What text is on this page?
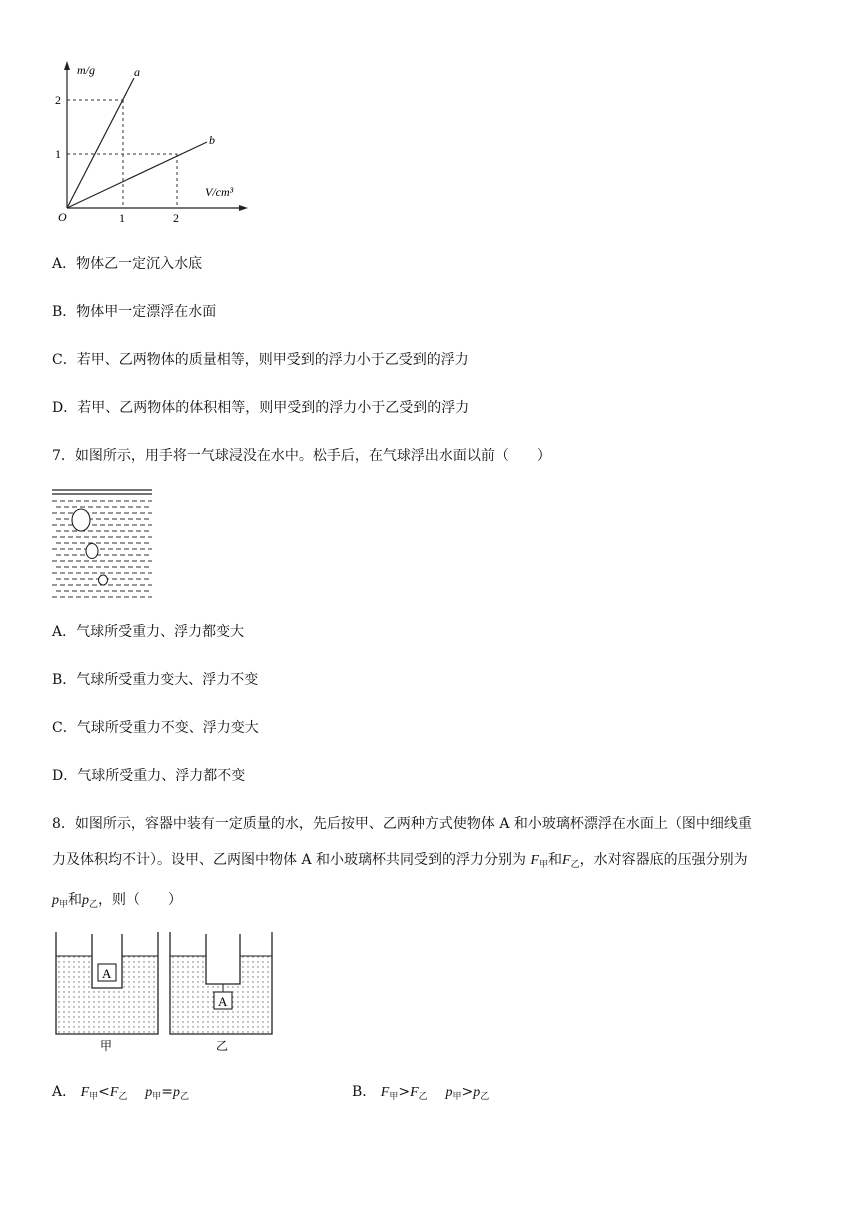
m/g	a
b
2
1
V/cm³
O	1	2
A．物体乙一定沉入水底
B．物体甲一定漂浮在水面
C．若甲、乙两物体的质量相等，则甲受到的浮力小于乙受到的浮力
D．若甲、乙两物体的体积相等，则甲受到的浮力小于乙受到的浮力
7．如图所示，用手将一气球浸没在水中。松手后，在气球浮出水面以前（　　）
A．气球所受重力、浮力都变大
B．气球所受重力变大、浮力不变
C．气球所受重力不变、浮力变大
D．气球所受重力、浮力都不变
8．如图所示，容器中装有一定质量的水，先后按甲、乙两种方式使物体 A 和小玻璃杯漂浮在水面上（图中细线重
力及体积均不计）。设甲、乙两图中物体 A 和小玻璃杯共同受到的浮力分别为 $F_甲$和$F_乙$，水对容器底的压强分别为
$p_甲$和$p_乙$，则（　　）
A
甲
A
乙
A． $F_甲<F_乙$ $p_甲=p_乙$	B． $F_甲>F_乙$ $p_甲>p_乙$
